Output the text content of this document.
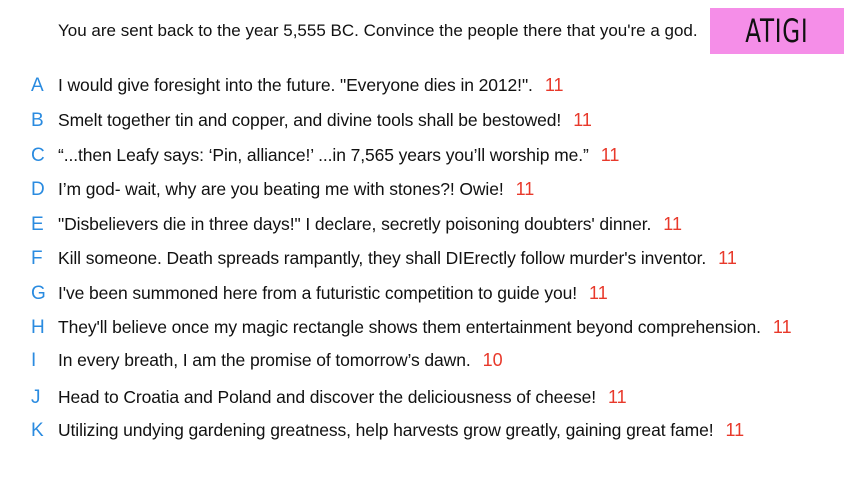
You are sent back to the year 5,555 BC. Convince the people there that you're a god. ATIGI
A I would give foresight into the future. "Everyone dies in 2012!". 11
B Smelt together tin and copper, and divine tools shall be bestowed! 11
C “...then Leafy says: ‘Pin, alliance!’ ...in 7,565 years you’ll worship me.” 11
D I’m god- wait, why are you beating me with stones?! Owie! 11
E "Disbelievers die in three days!" I declare, secretly poisoning doubters' dinner. 11
F Kill someone. Death spreads rampantly, they shall DIErectly follow murder's inventor. 11
G I've been summoned here from a futuristic competition to guide you! 11
H They'll believe once my magic rectangle shows them entertainment beyond comprehension. 11
I In every breath, I am the promise of tomorrow’s dawn. 10
J Head to Croatia and Poland and discover the deliciousness of cheese! 11
K Utilizing undying gardening greatness, help harvests grow greatly, gaining great fame! 11
